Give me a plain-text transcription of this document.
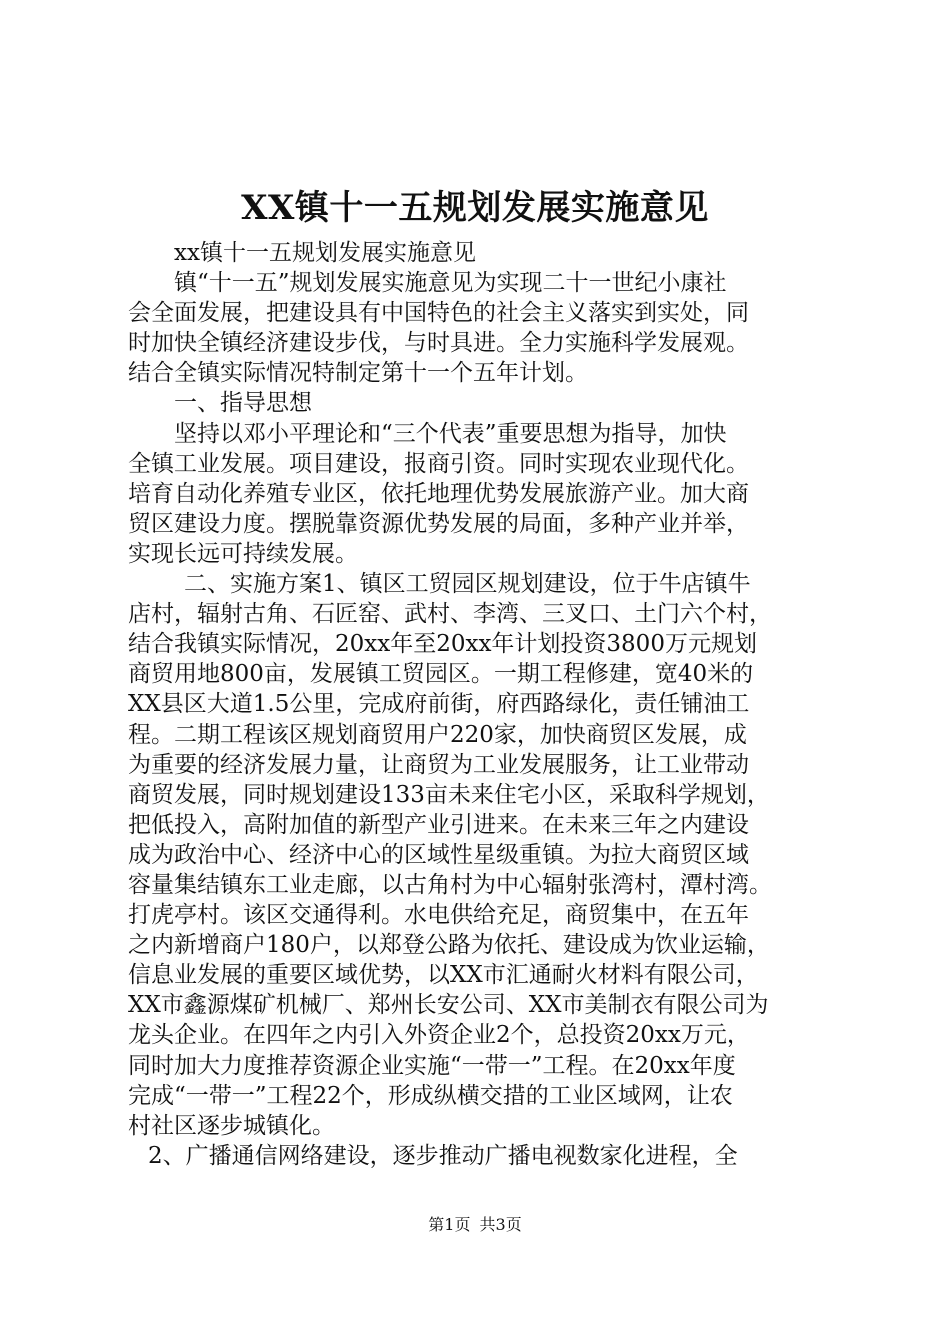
XX镇十一五规划发展实施意见
xx镇十一五规划发展实施意见
镇“十一五”规划发展实施意见为实现二十一世纪小康社
会全面发展，把建设具有中国特色的社会主义落实到实处，同
时加快全镇经济建设步伐，与时具进。全力实施科学发展观。
结合全镇实际情况特制定第十一个五年计划。
一、指导思想
坚持以邓小平理论和“三个代表”重要思想为指导，加快
全镇工业发展。项目建设，报商引资。同时实现农业现代化。
培育自动化养殖专业区，依托地理优势发展旅游产业。加大商
贸区建设力度。摆脱靠资源优势发展的局面，多种产业并举，
实现长远可持续发展。
二、实施方案1、镇区工贸园区规划建设，位于牛店镇牛
店村，辐射古角、石匠窑、武村、李湾、三叉口、土门六个村，
结合我镇实际情况，20xx年至20xx年计划投资3800万元规划
商贸用地800亩，发展镇工贸园区。一期工程修建，宽40米的
XX县区大道1.5公里，完成府前街，府西路绿化，责任铺油工
程。二期工程该区规划商贸用户220家，加快商贸区发展，成
为重要的经济发展力量，让商贸为工业发展服务，让工业带动
商贸发展，同时规划建设133亩未来住宅小区，采取科学规划，
把低投入，高附加值的新型产业引进来。在未来三年之内建设
成为政治中心、经济中心的区域性星级重镇。为拉大商贸区域
容量集结镇东工业走廊，以古角村为中心辐射张湾村，潭村湾。
打虎亭村。该区交通得利。水电供给充足，商贸集中，在五年
之内新增商户180户，以郑登公路为依托、建设成为饮业运输，
信息业发展的重要区域优势，以XX市汇通耐火材料有限公司，
XX市鑫源煤矿机械厂、郑州长安公司、XX市美制衣有限公司为
龙头企业。在四年之内引入外资企业2个，总投资20xx万元，
同时加大力度推荐资源企业实施“一带一”工程。在20xx年度
完成“一带一”工程22个，形成纵横交措的工业区域网，让农
村社区逐步城镇化。
2、广播通信网络建设，逐步推动广播电视数家化进程，全
第1页 共3页
